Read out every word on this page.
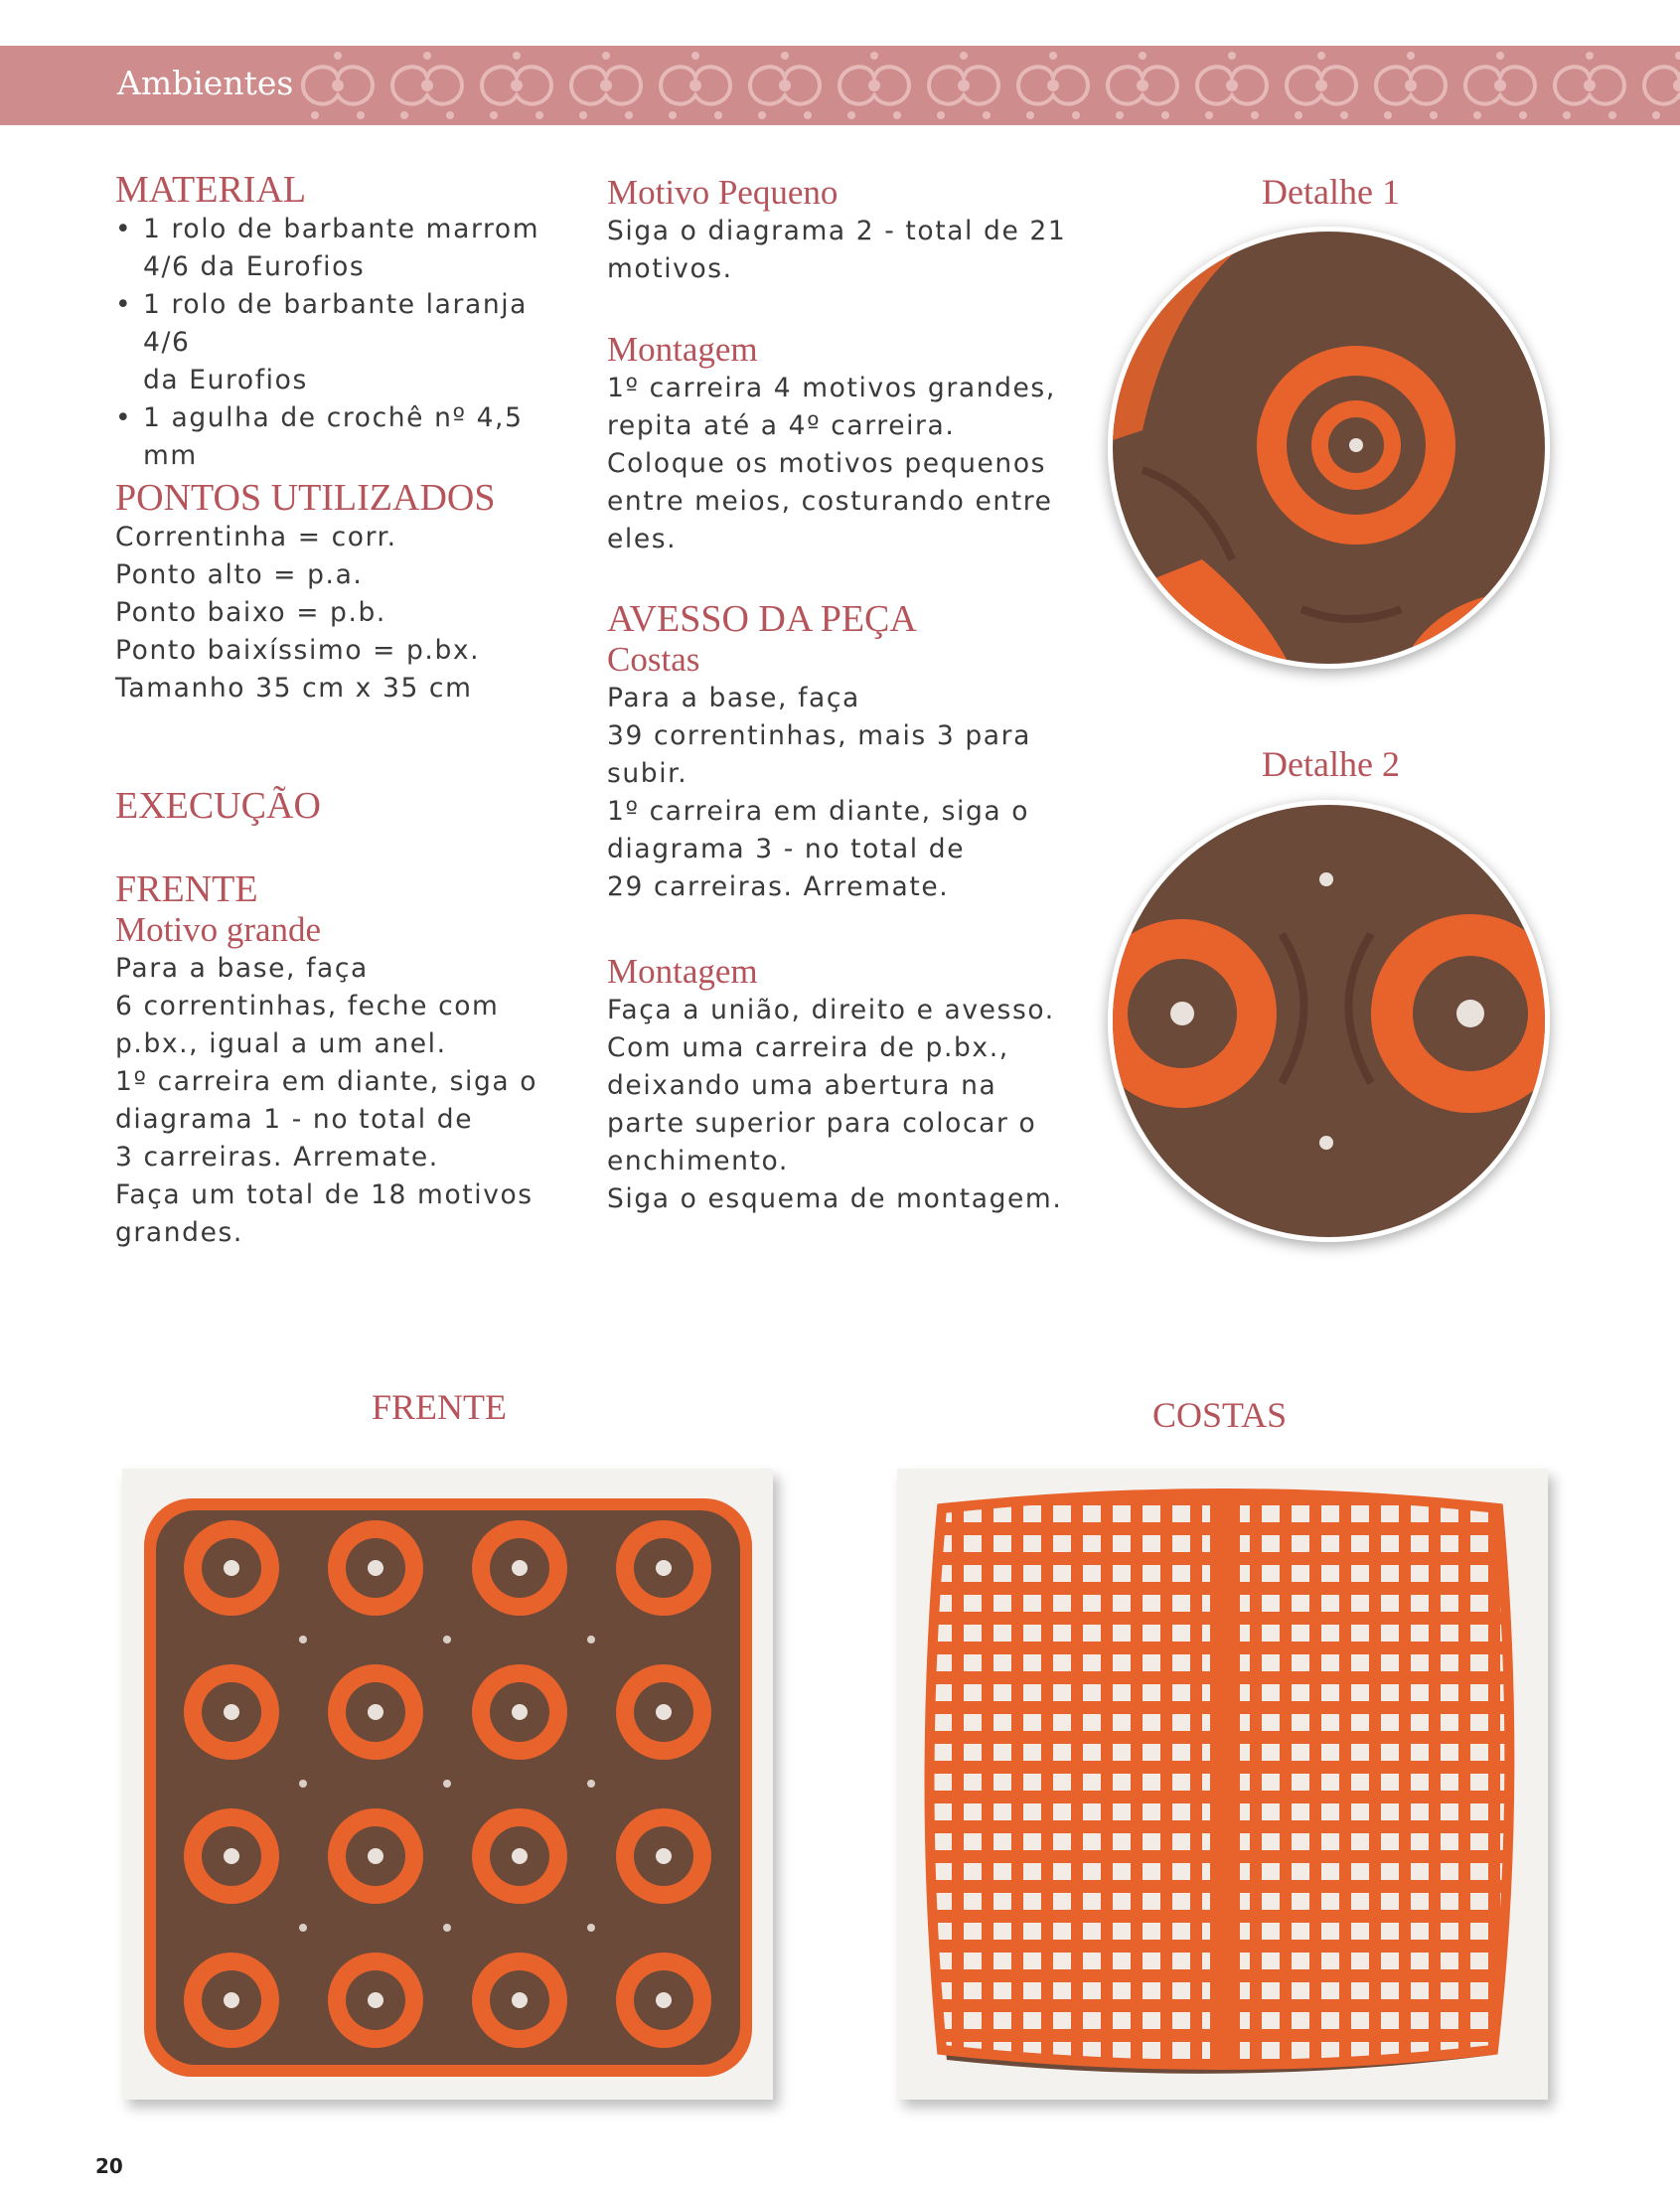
Ambientes

MATERIAL

• 1 rolo de barbante marrom
4/6 da Eurofios
• 1 rolo de barbante laranja 4/6
da Eurofios
• 1 agulha de crochê nº 4,5 mm

PONTOS UTILIZADOS

Correntinha = corr.

Ponto alto = p.a.

Ponto baixo = p.b.

Ponto baixíssimo = p.bx.

Tamanho 35 cm x 35 cm

EXECUÇÃO

FRENTE

Motivo grande

Para a base, faça

6 correntinhas, feche com

p.bx., igual a um anel.

1º carreira em diante, siga o

diagrama 1 - no total de

3 carreiras. Arremate.

Faça um total de 18 motivos

grandes.

Motivo Pequeno

Siga o diagrama 2 - total de 21

motivos.

Montagem

1º carreira 4 motivos grandes,

repita até a 4º carreira.

Coloque os motivos pequenos

entre meios, costurando entre

eles.

AVESSO DA PEÇA

Costas

Para a base, faça

39 correntinhas, mais 3 para

subir.

1º carreira em diante, siga o

diagrama 3 - no total de

29 carreiras. Arremate.

Montagem

Faça a união, direito e avesso.

Com uma carreira de p.bx.,

deixando uma abertura na

parte superior para colocar o

enchimento.

Siga o esquema de montagem.

Detalhe 1
Detalhe 2
FRENTE	COSTAS
20
